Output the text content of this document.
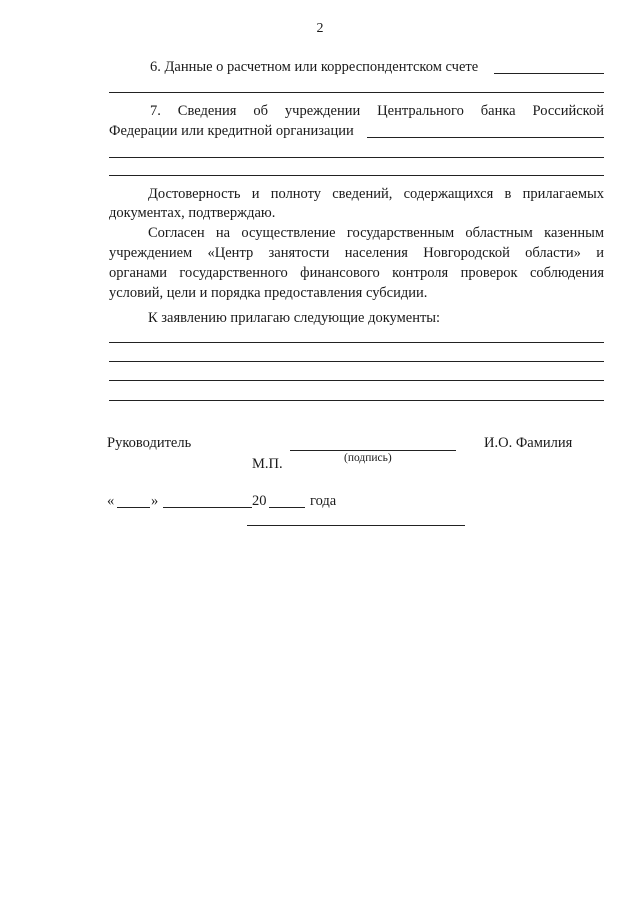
2
6. Данные о расчетном или корреспондентском счете
7. Сведения об учреждении Центрального банка Российской
Федерации или кредитной организации
Достоверность и полноту сведений, содержащихся в прилагаемых
документах, подтверждаю.
Согласен на осуществление государственным областным казенным
учреждением «Центр занятости населения Новгородской области» и
органами государственного финансового контроля проверок соблюдения
условий, цели и порядка предоставления субсидии.
К заявлению прилагаю следующие документы:
Руководитель	И.О. Фамилия
(подпись)
М.П.
«	»	20	года
